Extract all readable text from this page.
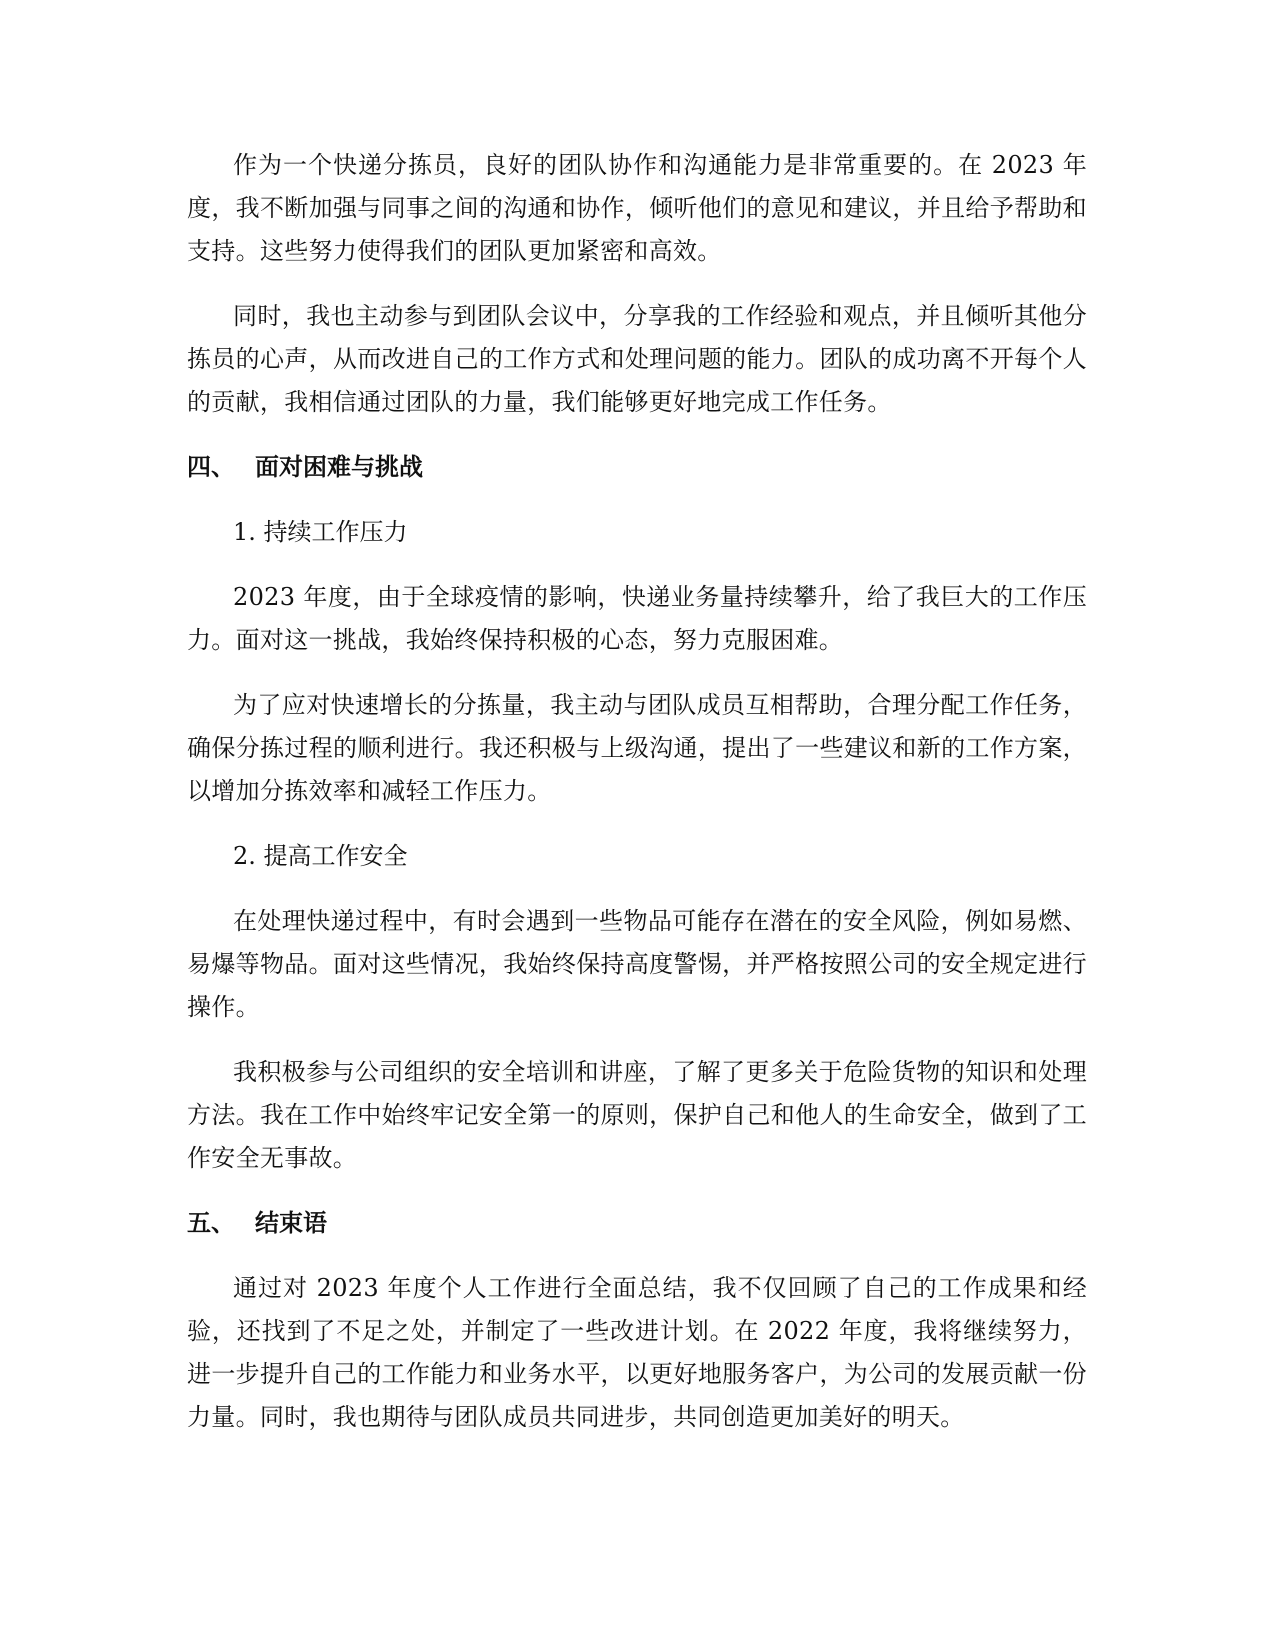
作为一个快递分拣员，良好的团队协作和沟通能力是非常重要的。在 2023 年度，我不断加强与同事之间的沟通和协作，倾听他们的意见和建议，并且给予帮助和支持。这些努力使得我们的团队更加紧密和高效。

同时，我也主动参与到团队会议中，分享我的工作经验和观点，并且倾听其他分拣员的心声，从而改进自己的工作方式和处理问题的能力。团队的成功离不开每个人的贡献，我相信通过团队的力量，我们能够更好地完成工作任务。

四、 面对困难与挑战

1. 持续工作压力

2023 年度，由于全球疫情的影响，快递业务量持续攀升，给了我巨大的工作压力。面对这一挑战，我始终保持积极的心态，努力克服困难。

为了应对快速增长的分拣量，我主动与团队成员互相帮助，合理分配工作任务，确保分拣过程的顺利进行。我还积极与上级沟通，提出了一些建议和新的工作方案，以增加分拣效率和减轻工作压力。

2. 提高工作安全

在处理快递过程中，有时会遇到一些物品可能存在潜在的安全风险，例如易燃、易爆等物品。面对这些情况，我始终保持高度警惕，并严格按照公司的安全规定进行操作。

我积极参与公司组织的安全培训和讲座，了解了更多关于危险货物的知识和处理方法。我在工作中始终牢记安全第一的原则，保护自己和他人的生命安全，做到了工作安全无事故。

五、 结束语

通过对 2023 年度个人工作进行全面总结，我不仅回顾了自己的工作成果和经验，还找到了不足之处，并制定了一些改进计划。在 2022 年度，我将继续努力，进一步提升自己的工作能力和业务水平，以更好地服务客户，为公司的发展贡献一份力量。同时，我也期待与团队成员共同进步，共同创造更加美好的明天。
